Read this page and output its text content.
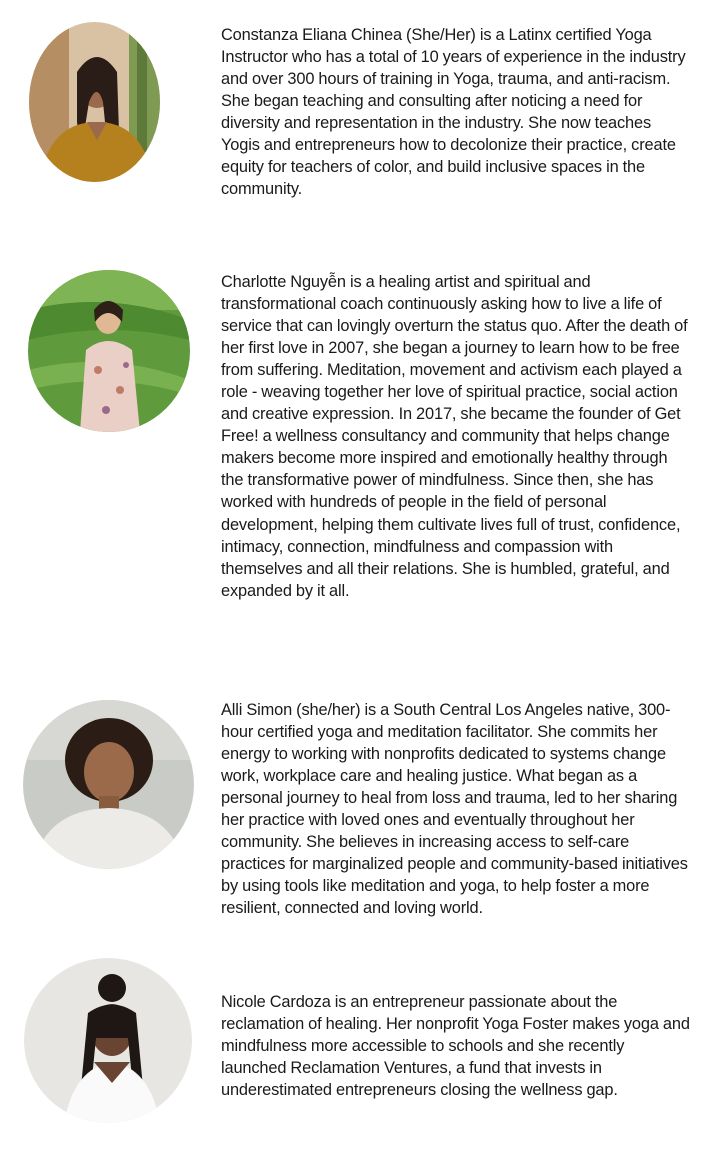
Constanza Eliana Chinea (She/Her) is a Latinx certified Yoga Instructor who has a total of 10 years of experience in the industry and over 300 hours of training in Yoga, trauma, and anti-racism. She began teaching and consulting after noticing a need for diversity and representation in the industry. She now teaches Yogis and entrepreneurs how to decolonize their practice, create equity for teachers of color, and build inclusive spaces in the community.

Charlotte Nguyễn is a healing artist and spiritual and transformational coach continuously asking how to live a life of service that can lovingly overturn the status quo. After the death of her first love in 2007, she began a journey to learn how to be free from suffering. Meditation, movement and activism each played a role - weaving together her love of spiritual practice, social action and creative expression. In 2017, she became the founder of Get Free! a wellness consultancy and community that helps change makers become more inspired and emotionally healthy through the transformative power of mindfulness. Since then, she has worked with hundreds of people in the field of personal development, helping them cultivate lives full of trust, confidence, intimacy, connection, mindfulness and compassion with themselves and all their relations. She is humbled, grateful, and expanded by it all.

Alli Simon (she/her) is a South Central Los Angeles native, 300-hour certified yoga and meditation facilitator. She commits her energy to working with nonprofits dedicated to systems change work, workplace care and healing justice. What began as a personal journey to heal from loss and trauma, led to her sharing her practice with loved ones and eventually throughout her community. She believes in increasing access to self-care practices for marginalized people and community-based initiatives by using tools like meditation and yoga, to help foster a more resilient, connected and loving world.

Nicole Cardoza is an entrepreneur passionate about the reclamation of healing. Her nonprofit Yoga Foster makes yoga and mindfulness more accessible to schools and she recently launched Reclamation Ventures, a fund that invests in underestimated entrepreneurs closing the wellness gap.
